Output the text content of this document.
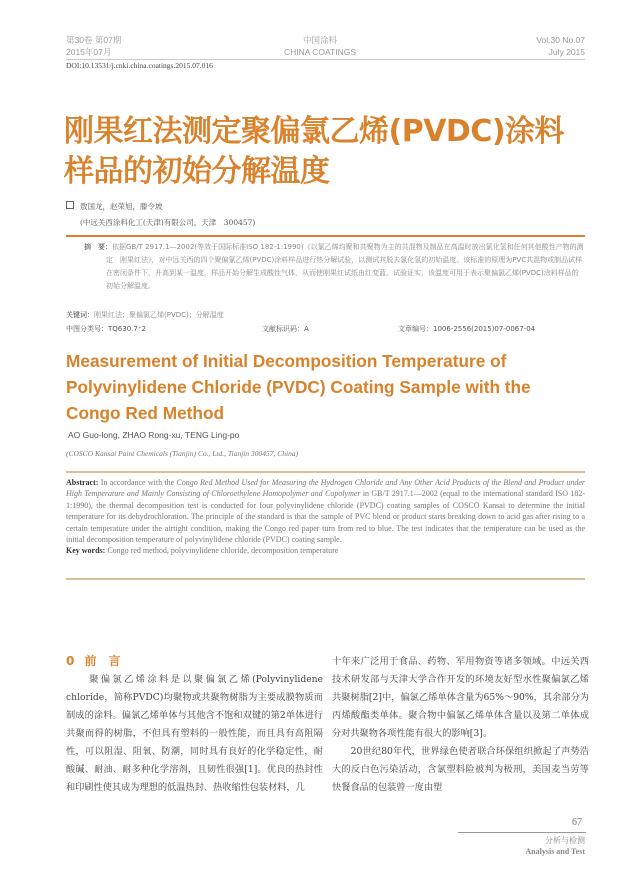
第30卷 第07期
2015年07月
中国涂料
CHINA COATINGS
Vol.30 No.07
July 2015
DOI:10.13531/j.cnki.china.coatings.2015.07.016
刚果红法测定聚偏氯乙烯(PVDC)涂料
样品的初始分解温度
敖国龙，赵荣旭，滕令坡
(中远关西涂料化工(天津)有限公司，天津　300457)
摘　要：依据GB/T 2917.1—2002(等效于国际标准ISO 182-1:1990)《以氯乙烯均聚和共聚物为主的共混物及制品在高温时放出氯化氢和任何其他酸性产物的测定　刚果红法》，对中远关西的四个聚偏氯乙烯(PVDC)涂料样品进行热分解试验，以测试其脱去氯化氢的初始温度。该标准的原理为PVC共混物或制品试样在密闭条件下，升高到某一温度，样品开始分解生成酸性气体，从而使刚果红试纸由红变蓝。试验证实，该温度可用于表示聚偏氯乙烯(PVDC)涂料样品的初始分解温度。
关键词：刚果红法；聚偏氯乙烯(PVDC)；分解温度
中图分类号：TQ630.7⁺2	文献标识码：A	文章编号：1006-2556(2015)07-0067-04
Measurement of Initial Decomposition Temperature of
Polyvinylidene Chloride (PVDC) Coating Sample with the
Congo Red Method
AO Guo-long, ZHAO Rong-xu, TENG Ling-po
(COSCO Kansai Paint Chemicals (Tianjin) Co., Ltd., Tianjin 300457, China)
Abstract: In accordance with the Congo Red Method Used for Measuring the Hydrogen Chloride and Any Other Acid Products of the Blend and Product under High Temperature and Mainly Consisting of Chloroethylene Homopolymer and Copolymer in GB/T 2917.1—2002 (equal to the international standard ISO 182-1:1990), the thermal decomposition test is conducted for four polyvinylidene chloride (PVDC) coating samples of COSCO Kansai to determine the initial temperature for its dehydrochloration. The principle of the standard is that the sample of PVC blend or product starts breaking down to acid gas after rising to a certain temperature under the airtight condition, making the Congo red paper turn from red to blue. The test indicates that the temperature can be used as the initial decomposition temperature of polyvinylidene chloride (PVDC) coating sample.
Key words: Congo red method, polyvinylidene chloride, decomposition temperature
0 前　言
　　聚偏氯乙烯涂料是以聚偏氯乙烯(Polyvinylidene chloride，简称PVDC)均聚物或共聚物树脂为主要成膜物质而制成的涂料。偏氯乙烯单体与其他含不饱和双键的第2单体进行共聚而得的树脂，不但具有塑料的一般性能，而且具有高阻隔性，可以阻湿、阻氧、防潮，同时具有良好的化学稳定性，耐酸碱、耐油、耐多种化学溶剂，且韧性很强[1]。优良的热封性和印刷性使其成为理想的低温热封、热收缩性包装材料，几
十年来广泛用于食品、药物、军用物资等诸多领域。中远关西技术研发部与天津大学合作开发的环境友好型水性聚偏氯乙烯共聚树脂[2]中，偏氯乙烯单体含量为65%～90%，其余部分为丙烯酸酯类单体。聚合物中偏氯乙烯单体含量以及第二单体成分对共聚物各项性能有很大的影响[3]。
　　20世纪80年代，世界绿色使者联合环保组织掀起了声势浩大的反白色污染活动，含氯塑料险被判为极刑，美国麦当劳等快餐食品的包装曾一度由塑
67
分析与检测
Analysis and Test
